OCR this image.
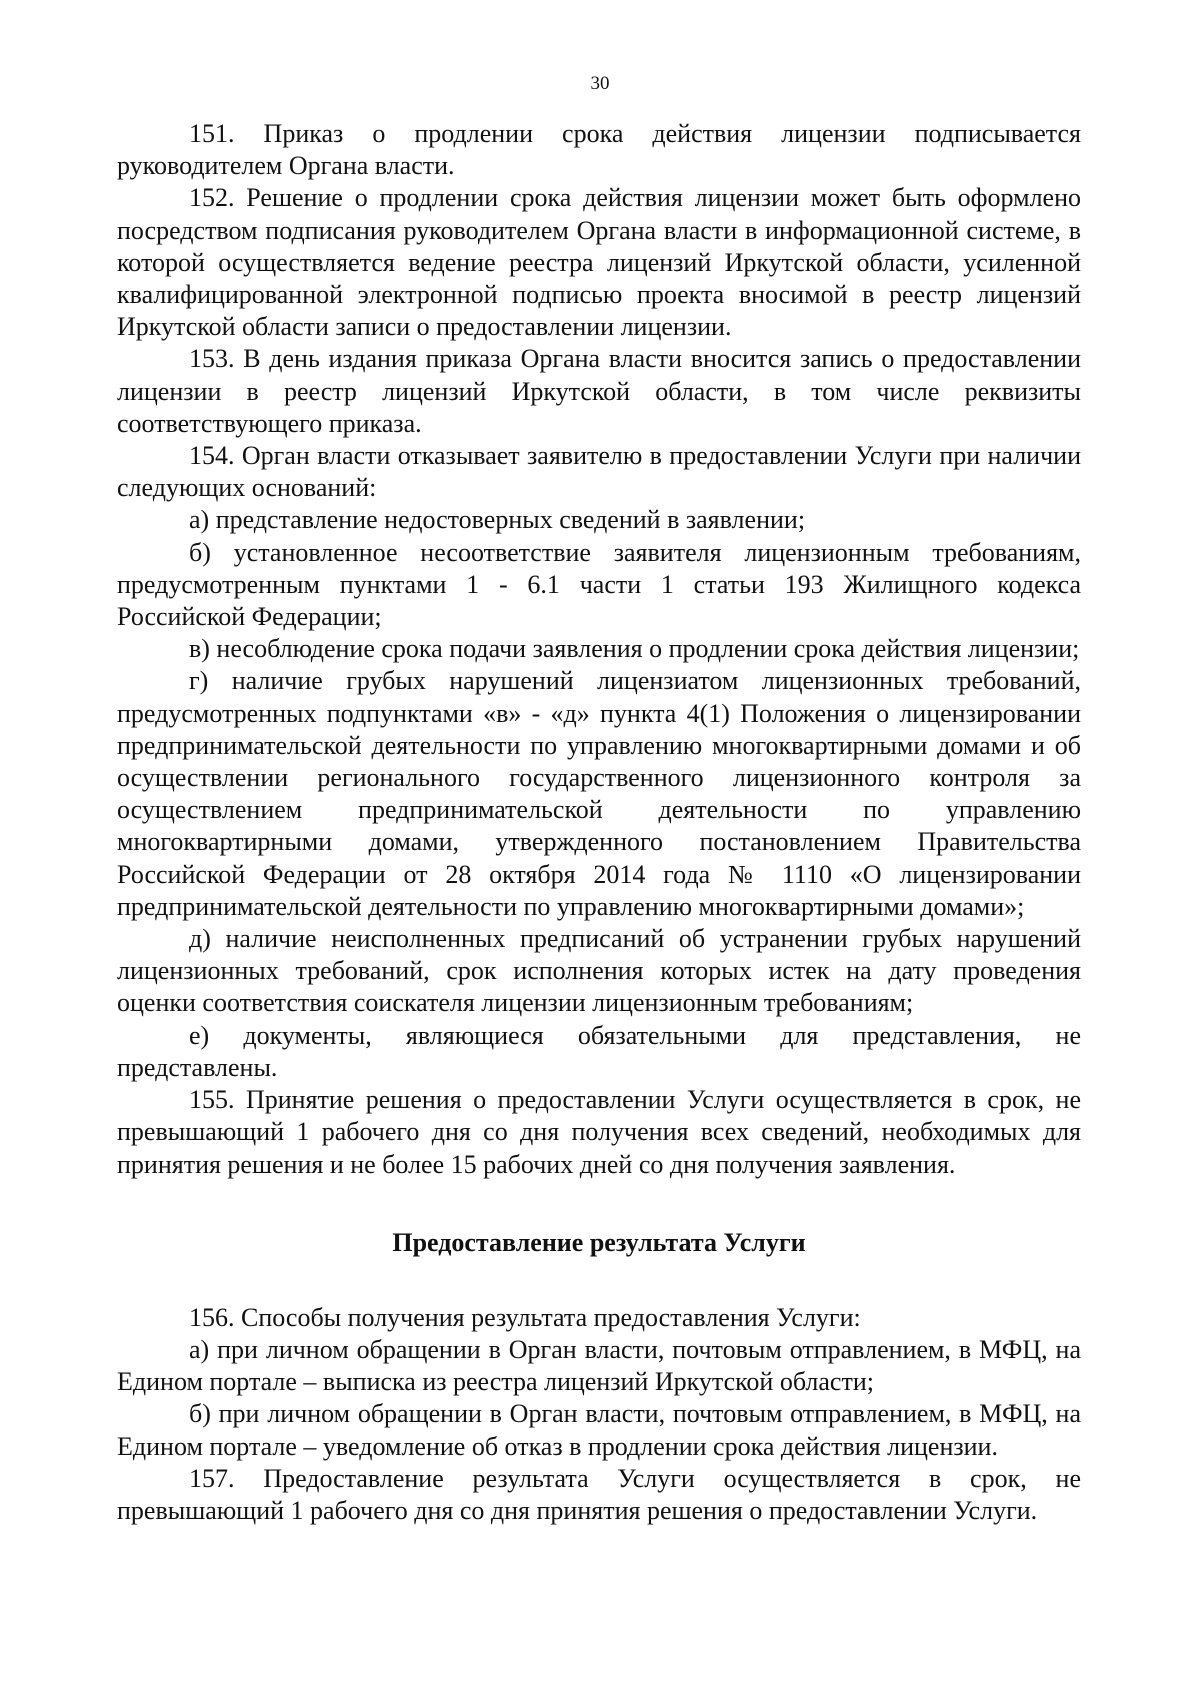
30

151. Приказ о продлении срока действия лицензии подписывается руководителем Органа власти.

152. Решение о продлении срока действия лицензии может быть оформлено посредством подписания руководителем Органа власти в информационной системе, в которой осуществляется ведение реестра лицензий Иркутской области, усиленной квалифицированной электронной подписью проекта вносимой в реестр лицензий Иркутской области записи о предоставлении лицензии.

153. В день издания приказа Органа власти вносится запись о предоставлении лицензии в реестр лицензий Иркутской области, в том числе реквизиты соответствующего приказа.

154. Орган власти отказывает заявителю в предоставлении Услуги при наличии следующих оснований:

а) представление недостоверных сведений в заявлении;

б) установленное несоответствие заявителя лицензионным требованиям, предусмотренным пунктами 1 - 6.1 части 1 статьи 193 Жилищного кодекса Российской Федерации;

в) несоблюдение срока подачи заявления о продлении срока действия лицензии;

г) наличие грубых нарушений лицензиатом лицензионных требований, предусмотренных подпунктами «в» - «д» пункта 4(1) Положения о лицензировании предпринимательской деятельности по управлению многоквартирными домами и об осуществлении регионального государственного лицензионного контроля за осуществлением предпринимательской деятельности по управлению многоквартирными домами, утвержденного постановлением Правительства Российской Федерации от 28 октября 2014 года № 1110 «О лицензировании предпринимательской деятельности по управлению многоквартирными домами»;

д) наличие неисполненных предписаний об устранении грубых нарушений лицензионных требований, срок исполнения которых истек на дату проведения оценки соответствия соискателя лицензии лицензионным требованиям;

е) документы, являющиеся обязательными для представления, не представлены.

155. Принятие решения о предоставлении Услуги осуществляется в срок, не превышающий 1 рабочего дня со дня получения всех сведений, необходимых для принятия решения и не более 15 рабочих дней со дня получения заявления.

Предоставление результата Услуги

156. Способы получения результата предоставления Услуги:

а) при личном обращении в Орган власти, почтовым отправлением, в МФЦ, на Едином портале – выписка из реестра лицензий Иркутской области;

б) при личном обращении в Орган власти, почтовым отправлением, в МФЦ, на Едином портале – уведомление об отказ в продлении срока действия лицензии.

157. Предоставление результата Услуги осуществляется в срок, не превышающий 1 рабочего дня со дня принятия решения о предоставлении Услуги.
